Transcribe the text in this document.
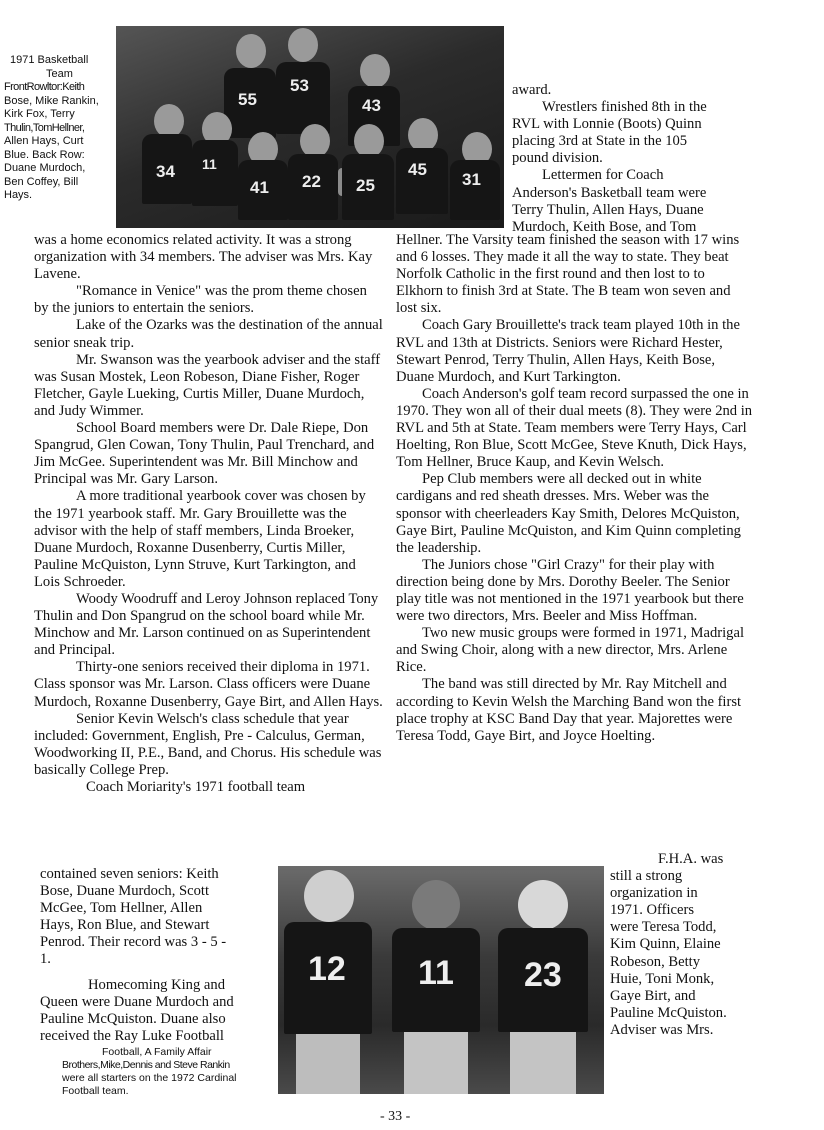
1971 Basketball
Team
FrontRowltor:Keith
Bose, Mike Rankin,
Kirk Fox, Terry
Thulin,TomHellner,
Allen Hays, Curt
Blue. Back Row:
Duane Murdoch,
Ben Coffey, Bill
Hays.
55
53
43
34 11
41 22 25
45
31
award.
Wrestlers finished 8th in the
RVL with Lonnie (Boots) Quinn
placing 3rd at State in the 105
pound division.
Lettermen for Coach
Anderson's Basketball team were
Terry Thulin, Allen Hays, Duane
Murdoch, Keith Bose, and Tom

was a home economics related activity. It was a strong organization with 34 members. The adviser was Mrs. Kay Lavene.

"Romance in Venice" was the prom theme chosen by the juniors to entertain the seniors.

Lake of the Ozarks was the destination of the annual senior sneak trip.

Mr. Swanson was the yearbook adviser and the staff was Susan Mostek, Leon Robeson, Diane Fisher, Roger Fletcher, Gayle Lueking, Curtis Miller, Duane Murdoch, and Judy Wimmer.

School Board members were Dr. Dale Riepe, Don Spangrud, Glen Cowan, Tony Thulin, Paul Trenchard, and Jim McGee. Superintendent was Mr. Bill Minchow and Principal was Mr. Gary Larson.

A more traditional yearbook cover was chosen by the 1971 yearbook staff. Mr. Gary Brouillette was the advisor with the help of staff members, Linda Broeker, Duane Murdoch, Roxanne Dusenberry, Curtis Miller, Pauline McQuiston, Lynn Struve, Kurt Tarkington, and Lois Schroeder.

Woody Woodruff and Leroy Johnson replaced Tony Thulin and Don Spangrud on the school board while Mr. Minchow and Mr. Larson continued on as Superintendent and Principal.

Thirty-one seniors received their diploma in 1971. Class sponsor was Mr. Larson. Class officers were Duane Murdoch, Roxanne Dusenberry, Gaye Birt, and Allen Hays.

Senior Kevin Welsch's class schedule that year included: Government, English, Pre - Calculus, German, Woodworking II, P.E., Band, and Chorus. His schedule was basically College Prep.

Coach Moriarity's 1971 football team

contained seven seniors: Keith
Bose, Duane Murdoch, Scott
McGee, Tom Hellner, Allen
Hays, Ron Blue, and Stewart
Penrod. Their record was 3 - 5 -
1.
Homecoming King and
Queen were Duane Murdoch and
Pauline McQuiston. Duane also
received the Ray Luke Football

Hellner. The Varsity team finished the season with 17 wins and 6 losses. They made it all the way to state. They beat Norfolk Catholic in the first round and then lost to to Elkhorn to finish 3rd at State. The B team won seven and lost six.

Coach Gary Brouillette's track team played 10th in the RVL and 13th at Districts. Seniors were Richard Hester, Stewart Penrod, Terry Thulin, Allen Hays, Keith Bose, Duane Murdoch, and Kurt Tarkington.

Coach Anderson's golf team record surpassed the one in 1970. They won all of their dual meets (8). They were 2nd in RVL and 5th at State. Team members were Terry Hays, Carl Hoelting, Ron Blue, Scott McGee, Steve Knuth, Dick Hays, Tom Hellner, Bruce Kaup, and Kevin Welsch.

Pep Club members were all decked out in white cardigans and red sheath dresses. Mrs. Weber was the sponsor with cheerleaders Kay Smith, Delores McQuiston, Gaye Birt, Pauline McQuiston, and Kim Quinn completing the leadership.

The Juniors chose "Girl Crazy" for their play with direction being done by Mrs. Dorothy Beeler. The Senior play title was not mentioned in the 1971 yearbook but there were two directors, Mrs. Beeler and Miss Hoffman.

Two new music groups were formed in 1971, Madrigal and Swing Choir, along with a new director, Mrs. Arlene Rice.

The band was still directed by Mr. Ray Mitchell and according to Kevin Welsh the Marching Band won the first place trophy at KSC Band Day that year. Majorettes were Teresa Todd, Gaye Birt, and Joyce Hoelting.

F.H.A. was
still a strong
organization in
1971. Officers
were Teresa Todd,
Kim Quinn, Elaine
Robeson, Betty
Huie, Toni Monk,
Gaye Birt, and
Pauline McQuiston.
Adviser was Mrs.
12 11 23
Football, A Family Affair
Brothers,Mike,Dennis and Steve Rankin
were all starters on the 1972 Cardinal
Football team.
- 33 -
